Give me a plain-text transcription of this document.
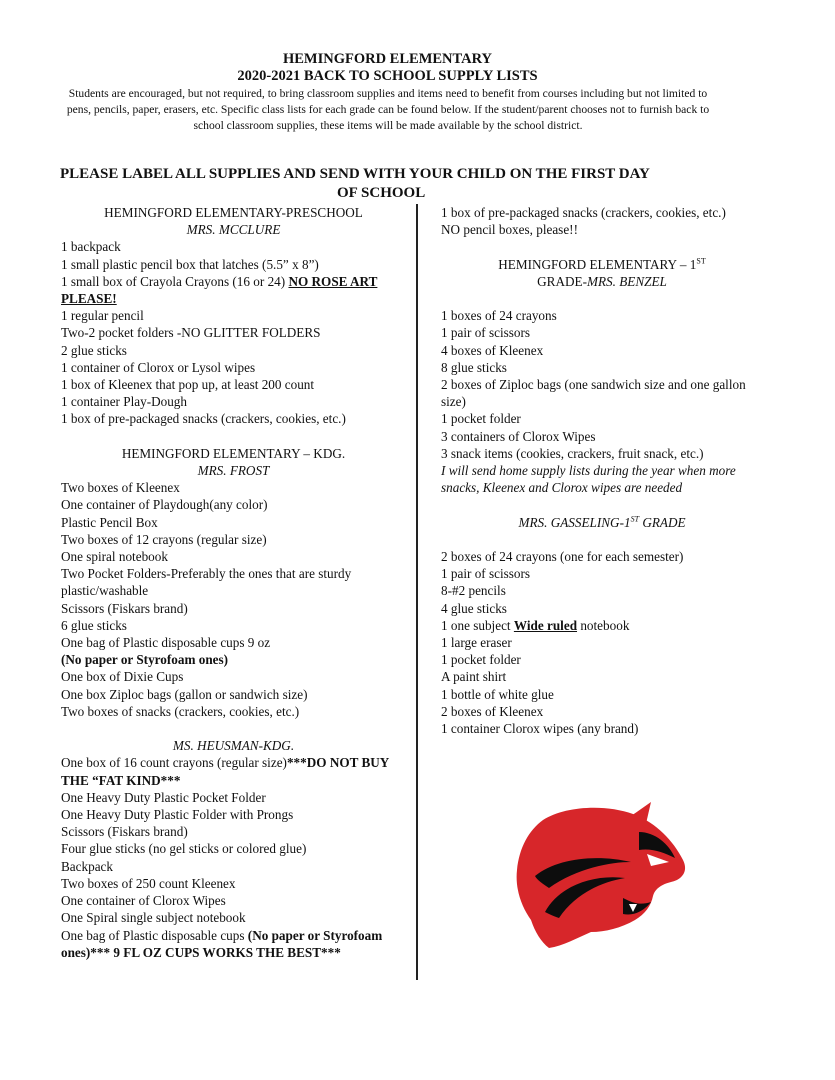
HEMINGFORD ELEMENTARY
2020-2021 BACK TO SCHOOL SUPPLY LISTS
Students are encouraged, but not required, to bring classroom supplies and items need to benefit from courses including but not limited to pens, pencils, paper, erasers, etc. Specific class lists for each grade can be found below. If the student/parent chooses not to furnish back to school classroom supplies, these items will be made available by the school district.
PLEASE LABEL ALL SUPPLIES AND SEND WITH YOUR CHILD ON THE FIRST DAY
OF SCHOOL
HEMINGFORD ELEMENTARY-PRESCHOOL
MRS. MCCLURE
1 backpack
1 small plastic pencil box that latches (5.5” x 8”)
1 small box of Crayola Crayons (16 or 24) NO ROSE ART PLEASE!
1 regular pencil
Two-2 pocket folders -NO GLITTER FOLDERS
2 glue sticks
1 container of Clorox or Lysol wipes
1 box of Kleenex that pop up, at least 200 count
1 container Play-Dough
1 box of pre-packaged snacks (crackers, cookies, etc.)
HEMINGFORD ELEMENTARY – KDG.
MRS. FROST
Two boxes of Kleenex
One container of Playdough(any color)
Plastic Pencil Box
Two boxes of 12 crayons (regular size)
One spiral notebook
Two Pocket Folders-Preferably the ones that are sturdy plastic/washable
Scissors (Fiskars brand)
6 glue sticks
One bag of Plastic disposable cups 9 oz
(No paper or Styrofoam ones)
One box of Dixie Cups
One box Ziploc bags (gallon or sandwich size)
Two boxes of snacks (crackers, cookies, etc.)
MS. HEUSMAN-KDG.
One box of 16 count crayons (regular size)***DO NOT BUY THE “FAT KIND***
One Heavy Duty Plastic Pocket Folder
One Heavy Duty Plastic Folder with Prongs
Scissors (Fiskars brand)
Four glue sticks (no gel sticks or colored glue)
Backpack
Two boxes of 250 count Kleenex
One container of Clorox Wipes
One Spiral single subject notebook
One bag of Plastic disposable cups (No paper or Styrofoam ones)*** 9 FL OZ CUPS WORKS THE BEST***
1 box of pre-packaged snacks (crackers, cookies, etc.)
NO pencil boxes, please!!
HEMINGFORD ELEMENTARY – 1ST
GRADE-MRS. BENZEL
1 boxes of 24 crayons
1 pair of scissors
4 boxes of Kleenex
8 glue sticks
2 boxes of Ziploc bags (one sandwich size and one gallon size)
1 pocket folder
3 containers of Clorox Wipes
3 snack items (cookies, crackers, fruit snack, etc.)
I will send home supply lists during the year when more snacks, Kleenex and Clorox wipes are needed
MRS. GASSELING-1ST GRADE
2 boxes of 24 crayons (one for each semester)
1 pair of scissors
8-#2 pencils
4 glue sticks
1 one subject Wide ruled notebook
1 large eraser
1 pocket folder
A paint shirt
1 bottle of white glue
2 boxes of Kleenex
1 container Clorox wipes (any brand)
